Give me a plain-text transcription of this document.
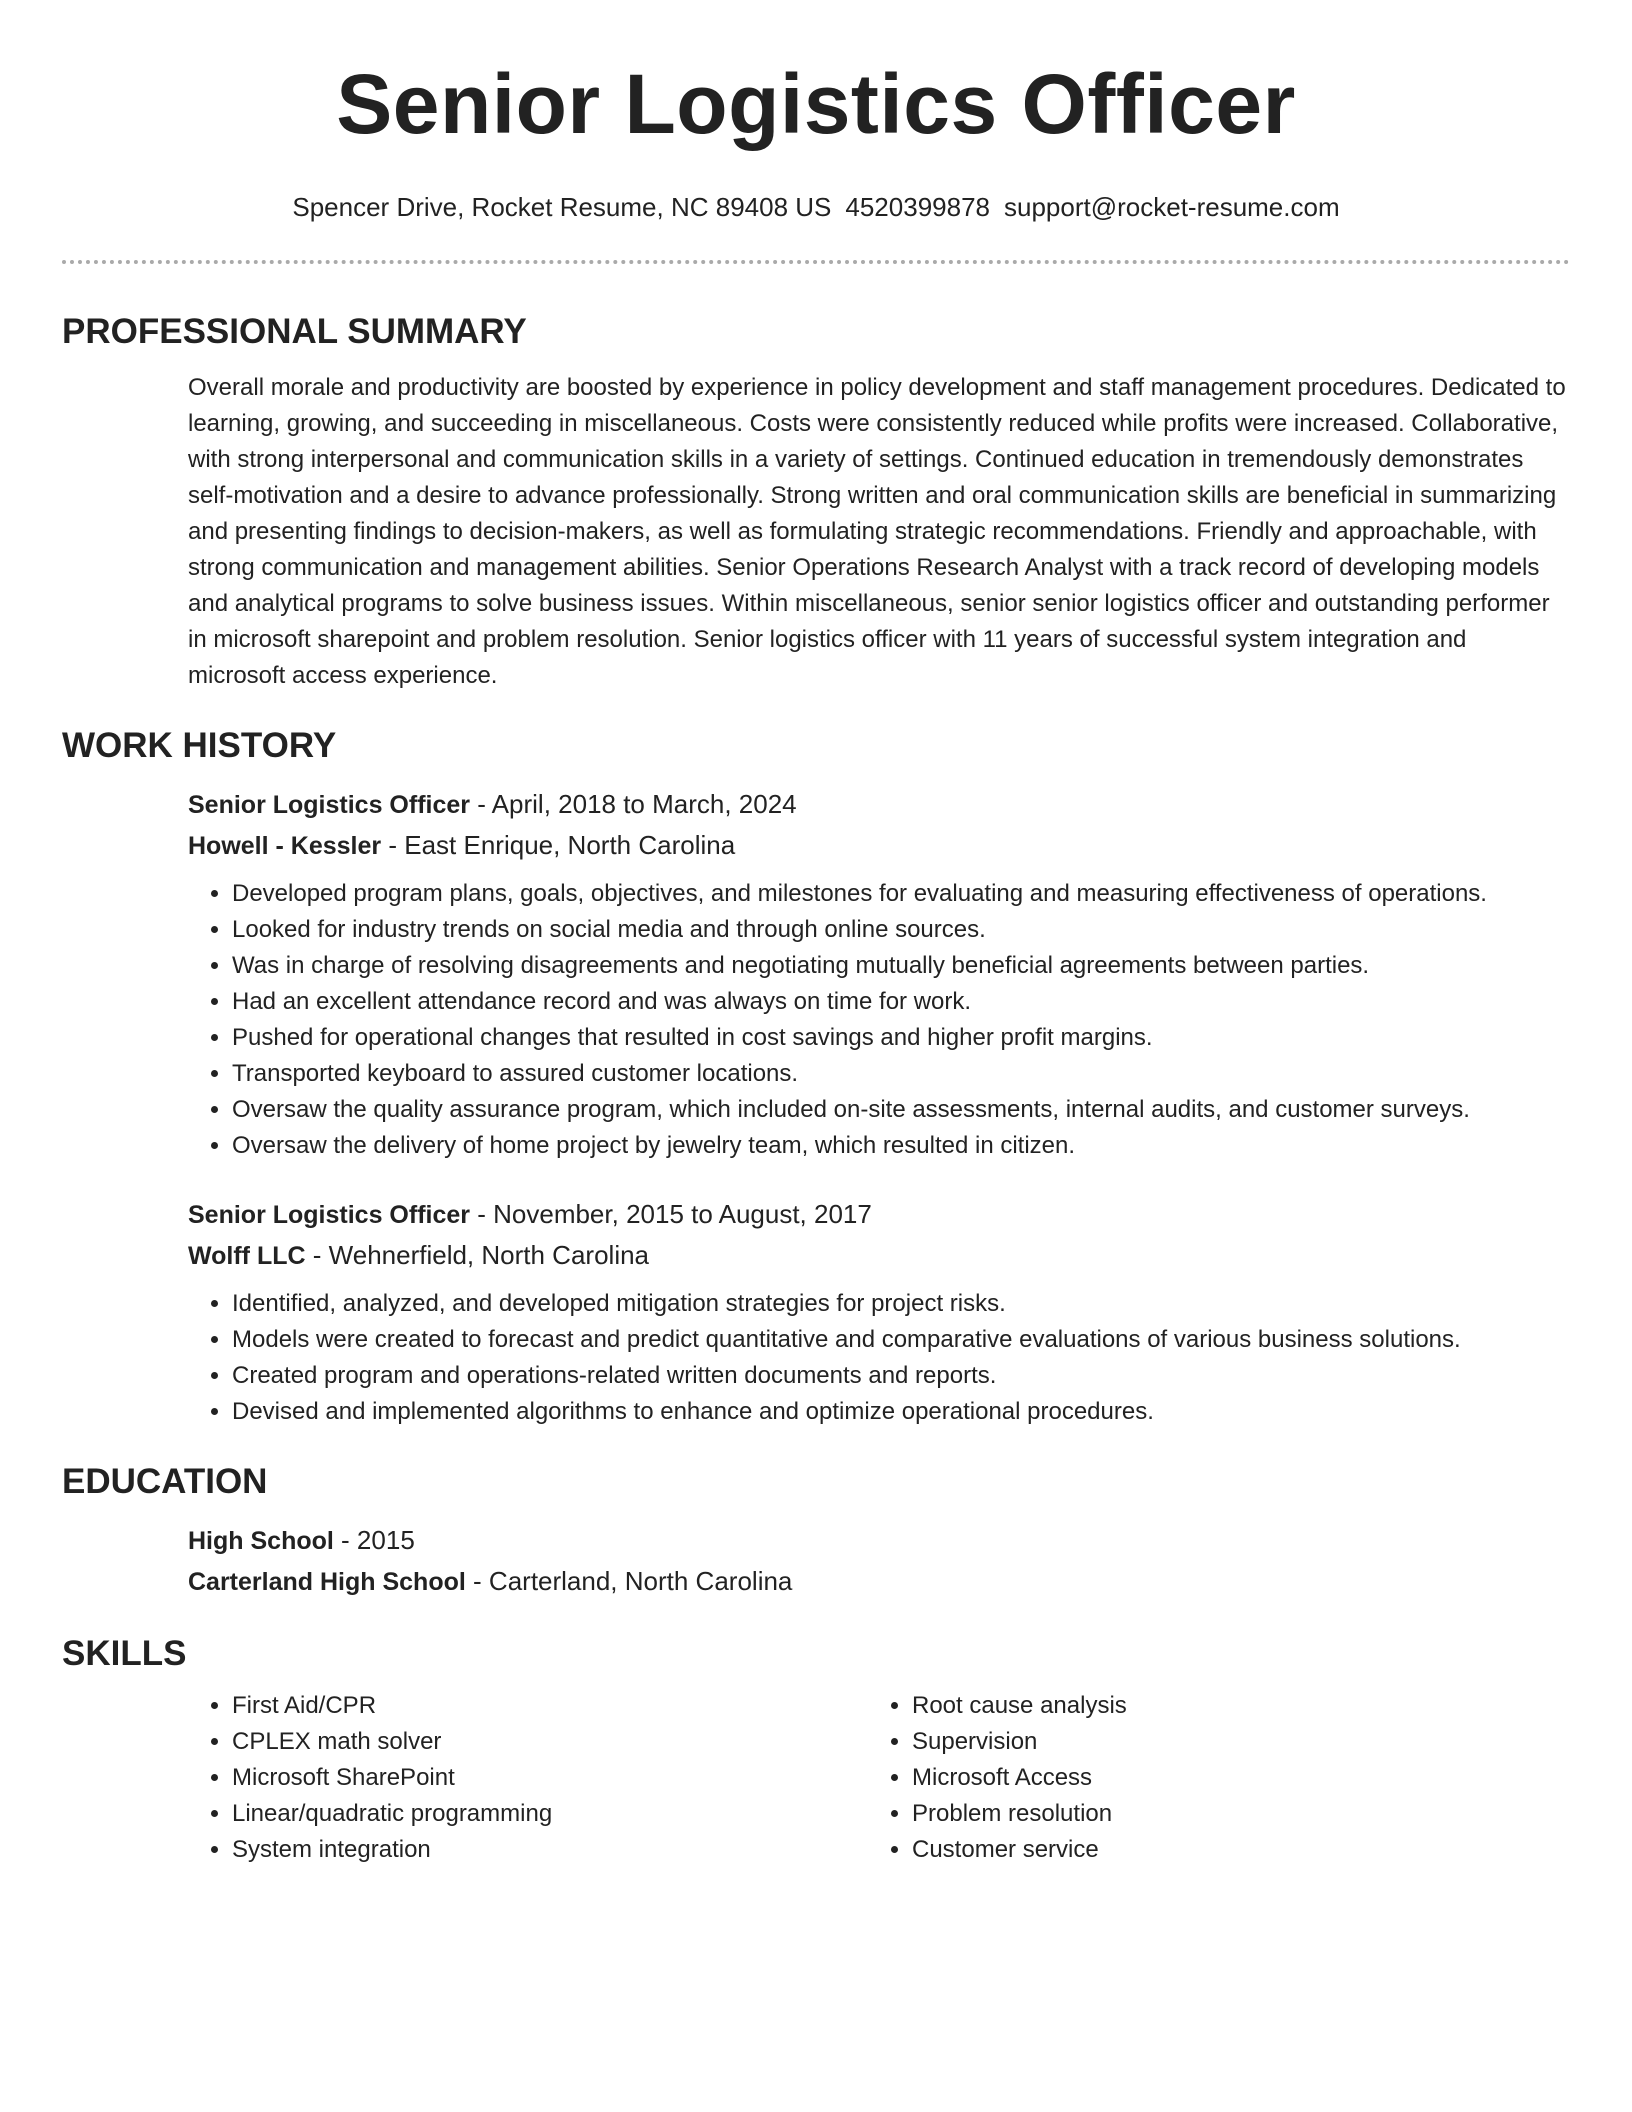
Senior Logistics Officer
Spencer Drive, Rocket Resume, NC 89408 US 4520399878 support@rocket-resume.com
PROFESSIONAL SUMMARY
Overall morale and productivity are boosted by experience in policy development and staff management procedures. Dedicated to learning, growing, and succeeding in miscellaneous. Costs were consistently reduced while profits were increased. Collaborative, with strong interpersonal and communication skills in a variety of settings. Continued education in tremendously demonstrates self-motivation and a desire to advance professionally. Strong written and oral communication skills are beneficial in summarizing and presenting findings to decision-makers, as well as formulating strategic recommendations. Friendly and approachable, with strong communication and management abilities. Senior Operations Research Analyst with a track record of developing models and analytical programs to solve business issues. Within miscellaneous, senior senior logistics officer and outstanding performer in microsoft sharepoint and problem resolution. Senior logistics officer with 11 years of successful system integration and microsoft access experience.
WORK HISTORY
Senior Logistics Officer - April, 2018 to March, 2024
Howell - Kessler - East Enrique, North Carolina
• Developed program plans, goals, objectives, and milestones for evaluating and measuring effectiveness of operations.
• Looked for industry trends on social media and through online sources.
• Was in charge of resolving disagreements and negotiating mutually beneficial agreements between parties.
• Had an excellent attendance record and was always on time for work.
• Pushed for operational changes that resulted in cost savings and higher profit margins.
• Transported keyboard to assured customer locations.
• Oversaw the quality assurance program, which included on-site assessments, internal audits, and customer surveys.
• Oversaw the delivery of home project by jewelry team, which resulted in citizen.
Senior Logistics Officer - November, 2015 to August, 2017
Wolff LLC - Wehnerfield, North Carolina
• Identified, analyzed, and developed mitigation strategies for project risks.
• Models were created to forecast and predict quantitative and comparative evaluations of various business solutions.
• Created program and operations-related written documents and reports.
• Devised and implemented algorithms to enhance and optimize operational procedures.
EDUCATION
High School - 2015
Carterland High School - Carterland, North Carolina
SKILLS
• First Aid/CPR
• CPLEX math solver
• Microsoft SharePoint
• Linear/quadratic programming
• System integration
• Root cause analysis
• Supervision
• Microsoft Access
• Problem resolution
• Customer service
